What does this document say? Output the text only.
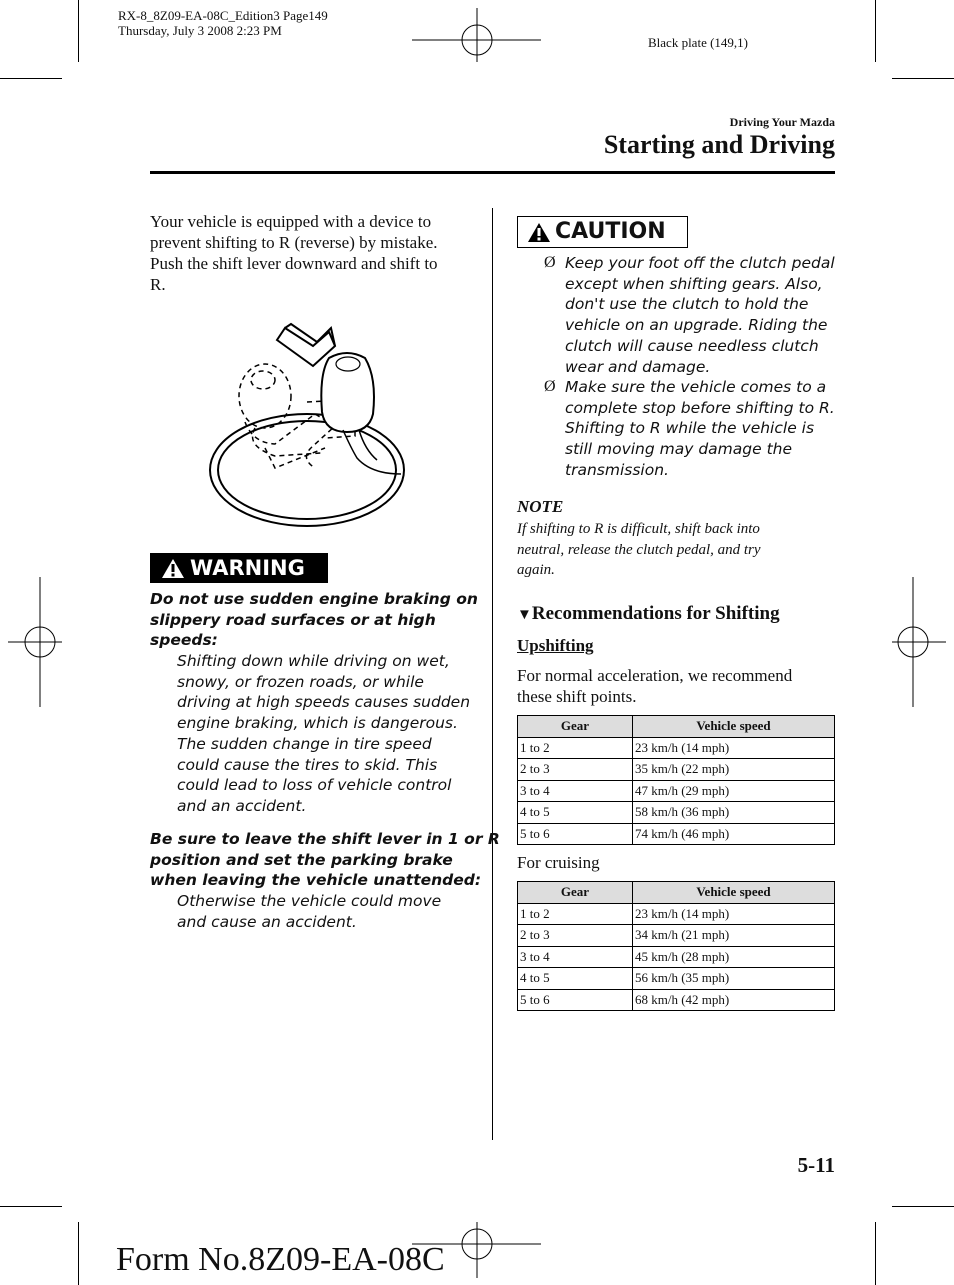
RX-8_8Z09-EA-08C_Edition3 Page149
Thursday, July 3 2008 2:23 PM
Black plate (149,1)
Driving Your Mazda
Starting and Driving
Your vehicle is equipped with a device to
prevent shifting to R (reverse) by mistake.
Push the shift lever downward and shift to
R.
WARNING
Do not use sudden engine braking on
slippery road surfaces or at high
speeds:
Shifting down while driving on wet,
snowy, or frozen roads, or while
driving at high speeds causes sudden
engine braking, which is dangerous.
The sudden change in tire speed
could cause the tires to skid. This
could lead to loss of vehicle control
and an accident.
Be sure to leave the shift lever in 1 or R
position and set the parking brake
when leaving the vehicle unattended:
Otherwise the vehicle could move
and cause an accident.
CAUTION
Ø Keep your foot off the clutch pedal
except when shifting gears. Also,
don't use the clutch to hold the
vehicle on an upgrade. Riding the
clutch will cause needless clutch
wear and damage.
Ø Make sure the vehicle comes to a
complete stop before shifting to R.
Shifting to R while the vehicle is
still moving may damage the
transmission.
NOTE
If shifting to R is difficult, shift back into
neutral, release the clutch pedal, and try
again.
▼Recommendations for Shifting
Upshifting
For normal acceleration, we recommend
these shift points.
Gear	Vehicle speed
1 to 2	23 km/h (14 mph)
2 to 3	35 km/h (22 mph)
3 to 4	47 km/h (29 mph)
4 to 5	58 km/h (36 mph)
5 to 6	74 km/h (46 mph)
For cruising
Gear	Vehicle speed
1 to 2	23 km/h (14 mph)
2 to 3	34 km/h (21 mph)
3 to 4	45 km/h (28 mph)
4 to 5	56 km/h (35 mph)
5 to 6	68 km/h (42 mph)
5-11
Form No.8Z09-EA-08C
